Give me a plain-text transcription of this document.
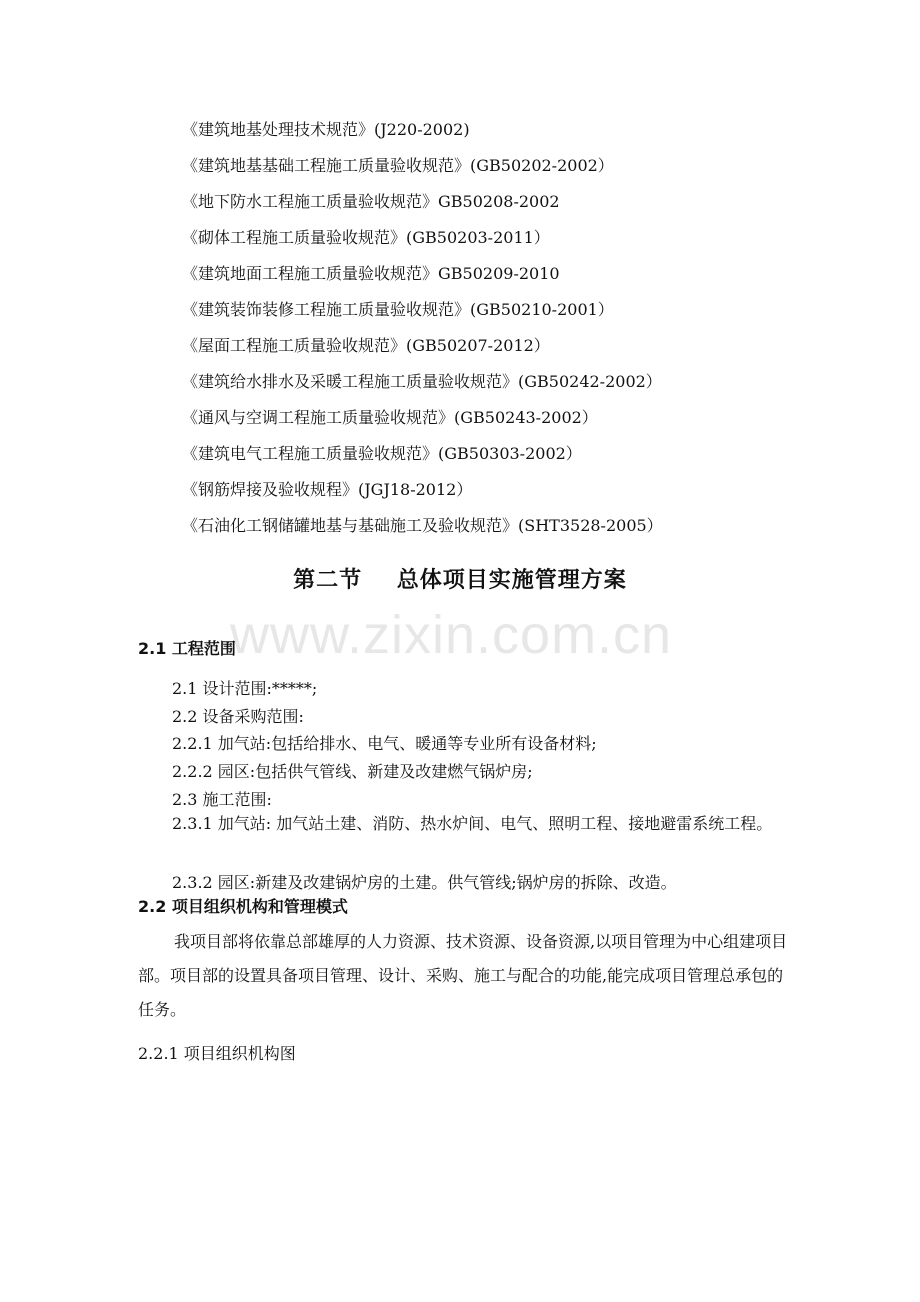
《建筑地基处理技术规范》(J220-2002)
《建筑地基基础工程施工质量验收规范》(GB50202-2002）
《地下防水工程施工质量验收规范》GB50208-2002
《砌体工程施工质量验收规范》(GB50203-2011）
《建筑地面工程施工质量验收规范》GB50209-2010
《建筑装饰装修工程施工质量验收规范》(GB50210-2001）
《屋面工程施工质量验收规范》(GB50207-2012）
《建筑给水排水及采暖工程施工质量验收规范》(GB50242-2002）
《通风与空调工程施工质量验收规范》(GB50243-2002）
《建筑电气工程施工质量验收规范》(GB50303-2002）
《钢筋焊接及验收规程》(JGJ18-2012）
《石油化工钢储罐地基与基础施工及验收规范》(SHT3528-2005）
第二节    总体项目实施管理方案
www.zixin.com.cn
2.1 工程范围
2.1 设计范围:*****;
2.2 设备采购范围:
2.2.1 加气站:包括给排水、电气、暖通等专业所有设备材料;
2.2.2 园区:包括供气管线、新建及改建燃气锅炉房;
2.3 施工范围:
2.3.1 加气站: 加气站土建、消防、热水炉间、电气、照明工程、接地避雷系统工程。
2.3.2 园区:新建及改建锅炉房的土建。供气管线;锅炉房的拆除、改造。
2.2 项目组织机构和管理模式
我项目部将依靠总部雄厚的人力资源、技术资源、设备资源,以项目管理为中心组建项目部。项目部的设置具备项目管理、设计、采购、施工与配合的功能,能完成项目管理总承包的任务。
2.2.1 项目组织机构图
